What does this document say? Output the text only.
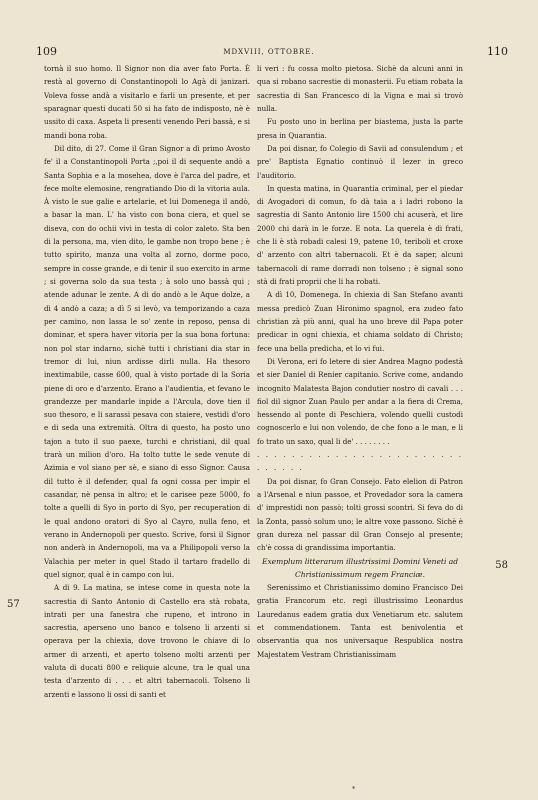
109	MDXVIII, OTTOBRE.	110

tornà il suo homo. Il Signor non dia aver fato Porta. È restà al governo di Constantinopoli lo Agà di janizari. Voleva fosse andà a visitarlo e farli un presente, et per sparagnar questi ducati 50 si ha fato de indisposto, nè è ussito di caxa. Aspeta li presenti venendo Peri bassà, e si mandi bona roba.

Dil dito, di 27. Come il Gran Signor a dì primo Avosto fe' il a Constantinopoli Porta ;,poi il di sequente andò a Santa Sophia e a la mosehea, dove è l'arca del padre, et fece molte elemosine, rengratiando Dio di la vitoria aula. À visto le sue galie e artelarie, et lui Domenega il andò, a basar la man. L' ha visto con bona ciera, et quel se diseva, con do ochii vivi in testa di color zaleto. Sta ben di la persona, ma, vien dito, le gambe non tropo bene ; è tutto spirito, manza una volta al zorno, dorme poco, sempre in cosse grande, e di tenir il suo exercito in arme ; si governa solo da sua testa ; à solo uno bassà qui ; atende adunar le zente. A di do andò a le Aque dolze, a dì 4 andò a caza; a dì 5 si levò, va temporizando a caza per camino, non lassa le so' zente in reposo, pensa di dominar, et spera haver vitoria per la sua bona fortuna: non pol star indarno, sichè tutti i christiani dia star in tremor di lui, niun ardisse dirli nulla. Ha thesoro inextimabile, casse 600, qual à visto portade di la Soria piene di oro e d'arzento. Erano a l'audientia, et fevano le grandezze per mandarle inpide a l'Arcula, dove tien il suo thesoro, e li sarassi pesava con staiere, vestidi d'oro e di seda una extremità. Oltra di questo, ha posto uno tajon a tuto il suo paexe, turchi e christiani, dil qual trarà un milion d'oro. Ha tolto tutte le sede venute di Azimia e vol siano per sè, e siano di esso Signor. Causa dil tutto è il defender, qual fa ogni cossa per impir el casandar, nè pensa in altro; et le carisee peze 5000, fo tolte a quelli di Syo in porto di Syo, per recuperation di le qual andono oratori di Syo al Cayro, nulla feno, et verano in Andernopoli per questo. Scrive, forsi il Signor non anderà in Andernopoli, ma va a Philipopoli verso la Valachia per meter in quel Stado il tartaro fradello di quel signor, qual è in campo con lui.

A di 9. La matina, se intese come in questa note la sacrestia di Santo Antonio di Castello era stà robata, intrati per una fanestra che rupeno, et introno in sacrestia, aperseno uno banco e tolseno li arzenti si operava per la chiexia, dove trovono le chiave di lo armer di arzenti, et aperto tolseno molti arzenti per valuta di ducati 800 e reliquie alcune, tra le qual una testa d'arzento di . . . et altri tabernacoli. Tolseno li arzenti e lassono li ossi di santi et

li veri : fu cossa molto pietosa. Sichè da alcuni anni in qua si robano sacrestie di monasterii. Fu etiam robata la sacrestia di San Francesco di la Vigna e mai si trovò nulla.

Fu posto uno in berlina per biastema, justa la parte presa in Quarantia.

Da poi disnar, fo Colegio di Savii ad consulendum ; et pre' Baptista Egnatio continuò il lezer in greco l'auditorio.

In questa matina, in Quarantia criminal, per el piedar di Avogadori di comun, fo dà taia a i ladri robono la sagrestia di Santo Antonio lire 1500 chi acuserà, et lire 2000 chi darà in le forze. E nota. La querela è di frati, che li è stà robadi calesi 19, patene 10, teriboli et croxe d' arzento con altri tabernacoli. Et è da saper, alcuni tabernacoli di rame dorradi non tolseno ; è signal sono stà di frati proprii che li ha robati.

A dì 10, Domenega. In chiexia di San Stefano avanti messa predicò Zuan Hironimo spagnol, era zudeo fato christian zà più anni, qual ha uno breve dil Papa poter predicar in ogni chiexia, et chiama soldato di Christo; fece una bella predicha, et lo vi fui.

Di Verona, eri fo letere di sier Andrea Magno podestà et sier Daniel di Renier capitanio. Scrive come, andando incognito Malatesta Bajon condutier nostro di cavali . . . fiol dil signor Zuan Paulo per andar a la fiera di Crema, hessendo al ponte di Peschiera, volendo quelli custodi cognoscerlo e lui non volendo, de che fono a le man, e li fo trato un saxo, qual li de' . . . . . . . .

. . . . . . . . . . . . . . . . . . . . . . . . . . . . . .

Da poi disnar, fo Gran Consejo. Fato elelion di Patron a l'Arsenal e niun passoe, et Provedador sora la camera d' imprestidi non passò; tolti grossi scontri. Si feva do di la Zonta, passò solum uno; le altre voxe passono. Sichè è gran dureza nel passar dil Gran Consejo al presente; ch'è cossa di grandissima importantia.

Exemplum litterarum illustrissimi Domini Veneti ad Christianissimum regem Franciæ.

Serenissimo et Christianissimo domino Francisco Dei gratia Francorum etc. regi illustrissimo Leonardus Lauredanus eadem gratia dux Venetiarum etc. salutem et commendationem. Tanta est benivolentia et observantia qua nos universaque Respublica nostra Majestatem Vestram Christianissimam

57
58
*
